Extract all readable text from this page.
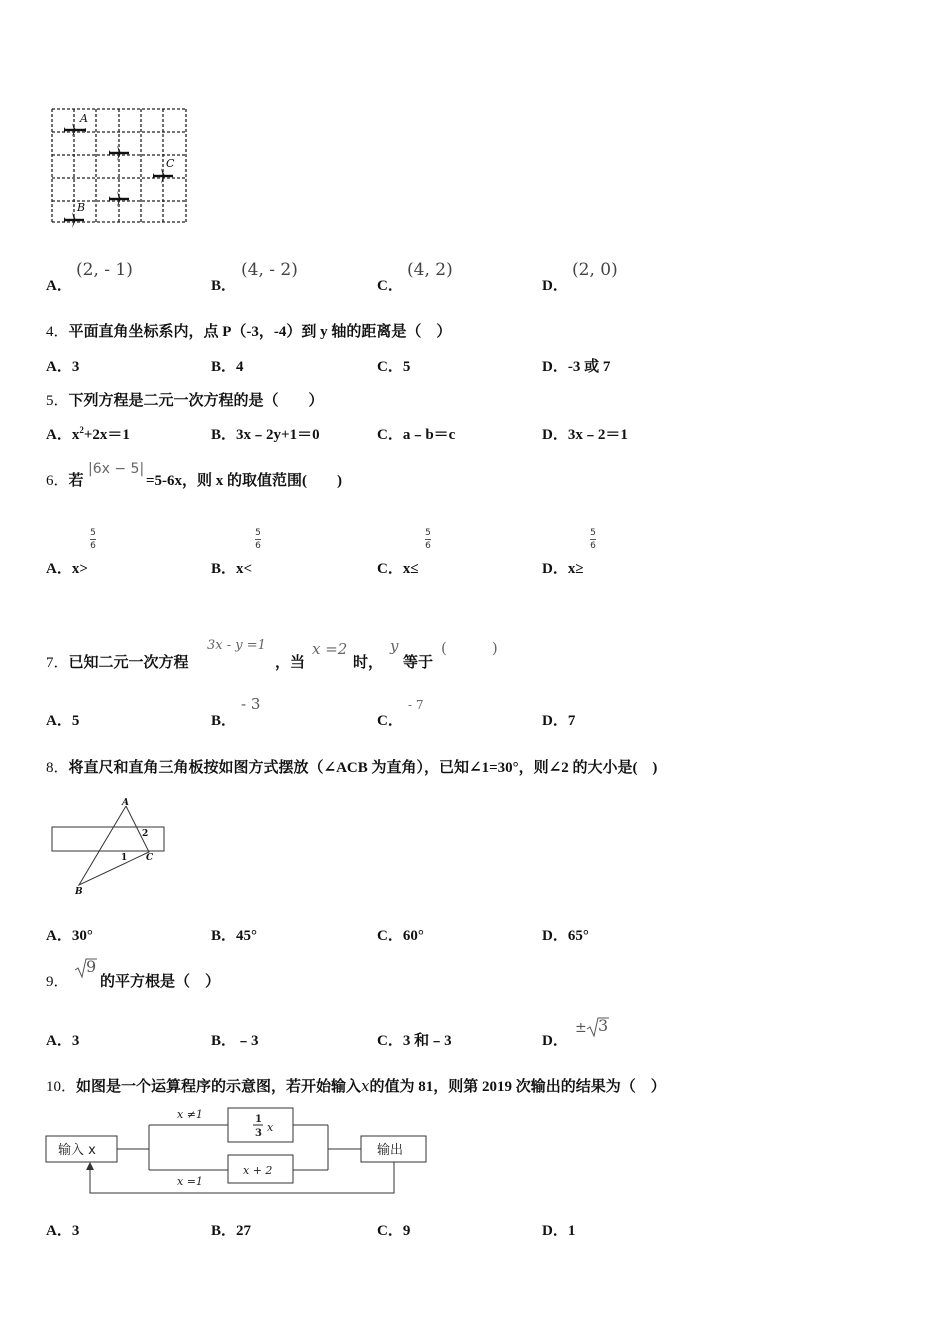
A
C
B
A．
(2, - 1)
B．
(4, - 2)
C．
(4, 2)
D．
(2, 0)
4．平面直角坐标系内，点 P（-3，-4）到 y 轴的距离是（　）
A．3	B．4	C．5	D．-3 或 7
5．下列方程是二元一次方程的是（　　）
A．$x^2+2x=1$	B．3x﹣2y+1＝0	C．a﹣b＝c	D．3x﹣2＝1
6．若
|6x − 5|
=5-6x，则 x 的取值范围(　　)
A．x>
5
6
B．x<
5
6
C．x≤
5
6
D．x≥
5
6
7．已知二元一次方程
3x - y =1
，当
x =2
时，
y
等于
(　　　)
A．5	B．
- 3
C．
- 7
D．7
8．将直尺和直角三角板按如图方式摆放（∠ACB 为直角），已知∠1=30°，则∠2 的大小是(　)
A
B
C
1
2
A．30°	B．45°	C．60°	D．65°
9．
9
的平方根是（　）
A．3	B．﹣3	C．3 和﹣3	D．
± 3
10．如图是一个运算程序的示意图，若开始输入x的值为 81，则第 2019 次输出的结果为（　）
输入 x	输出
x ≠1
x =1
x + 2
x
1
3
A．3	B．27	C．9	D．1
